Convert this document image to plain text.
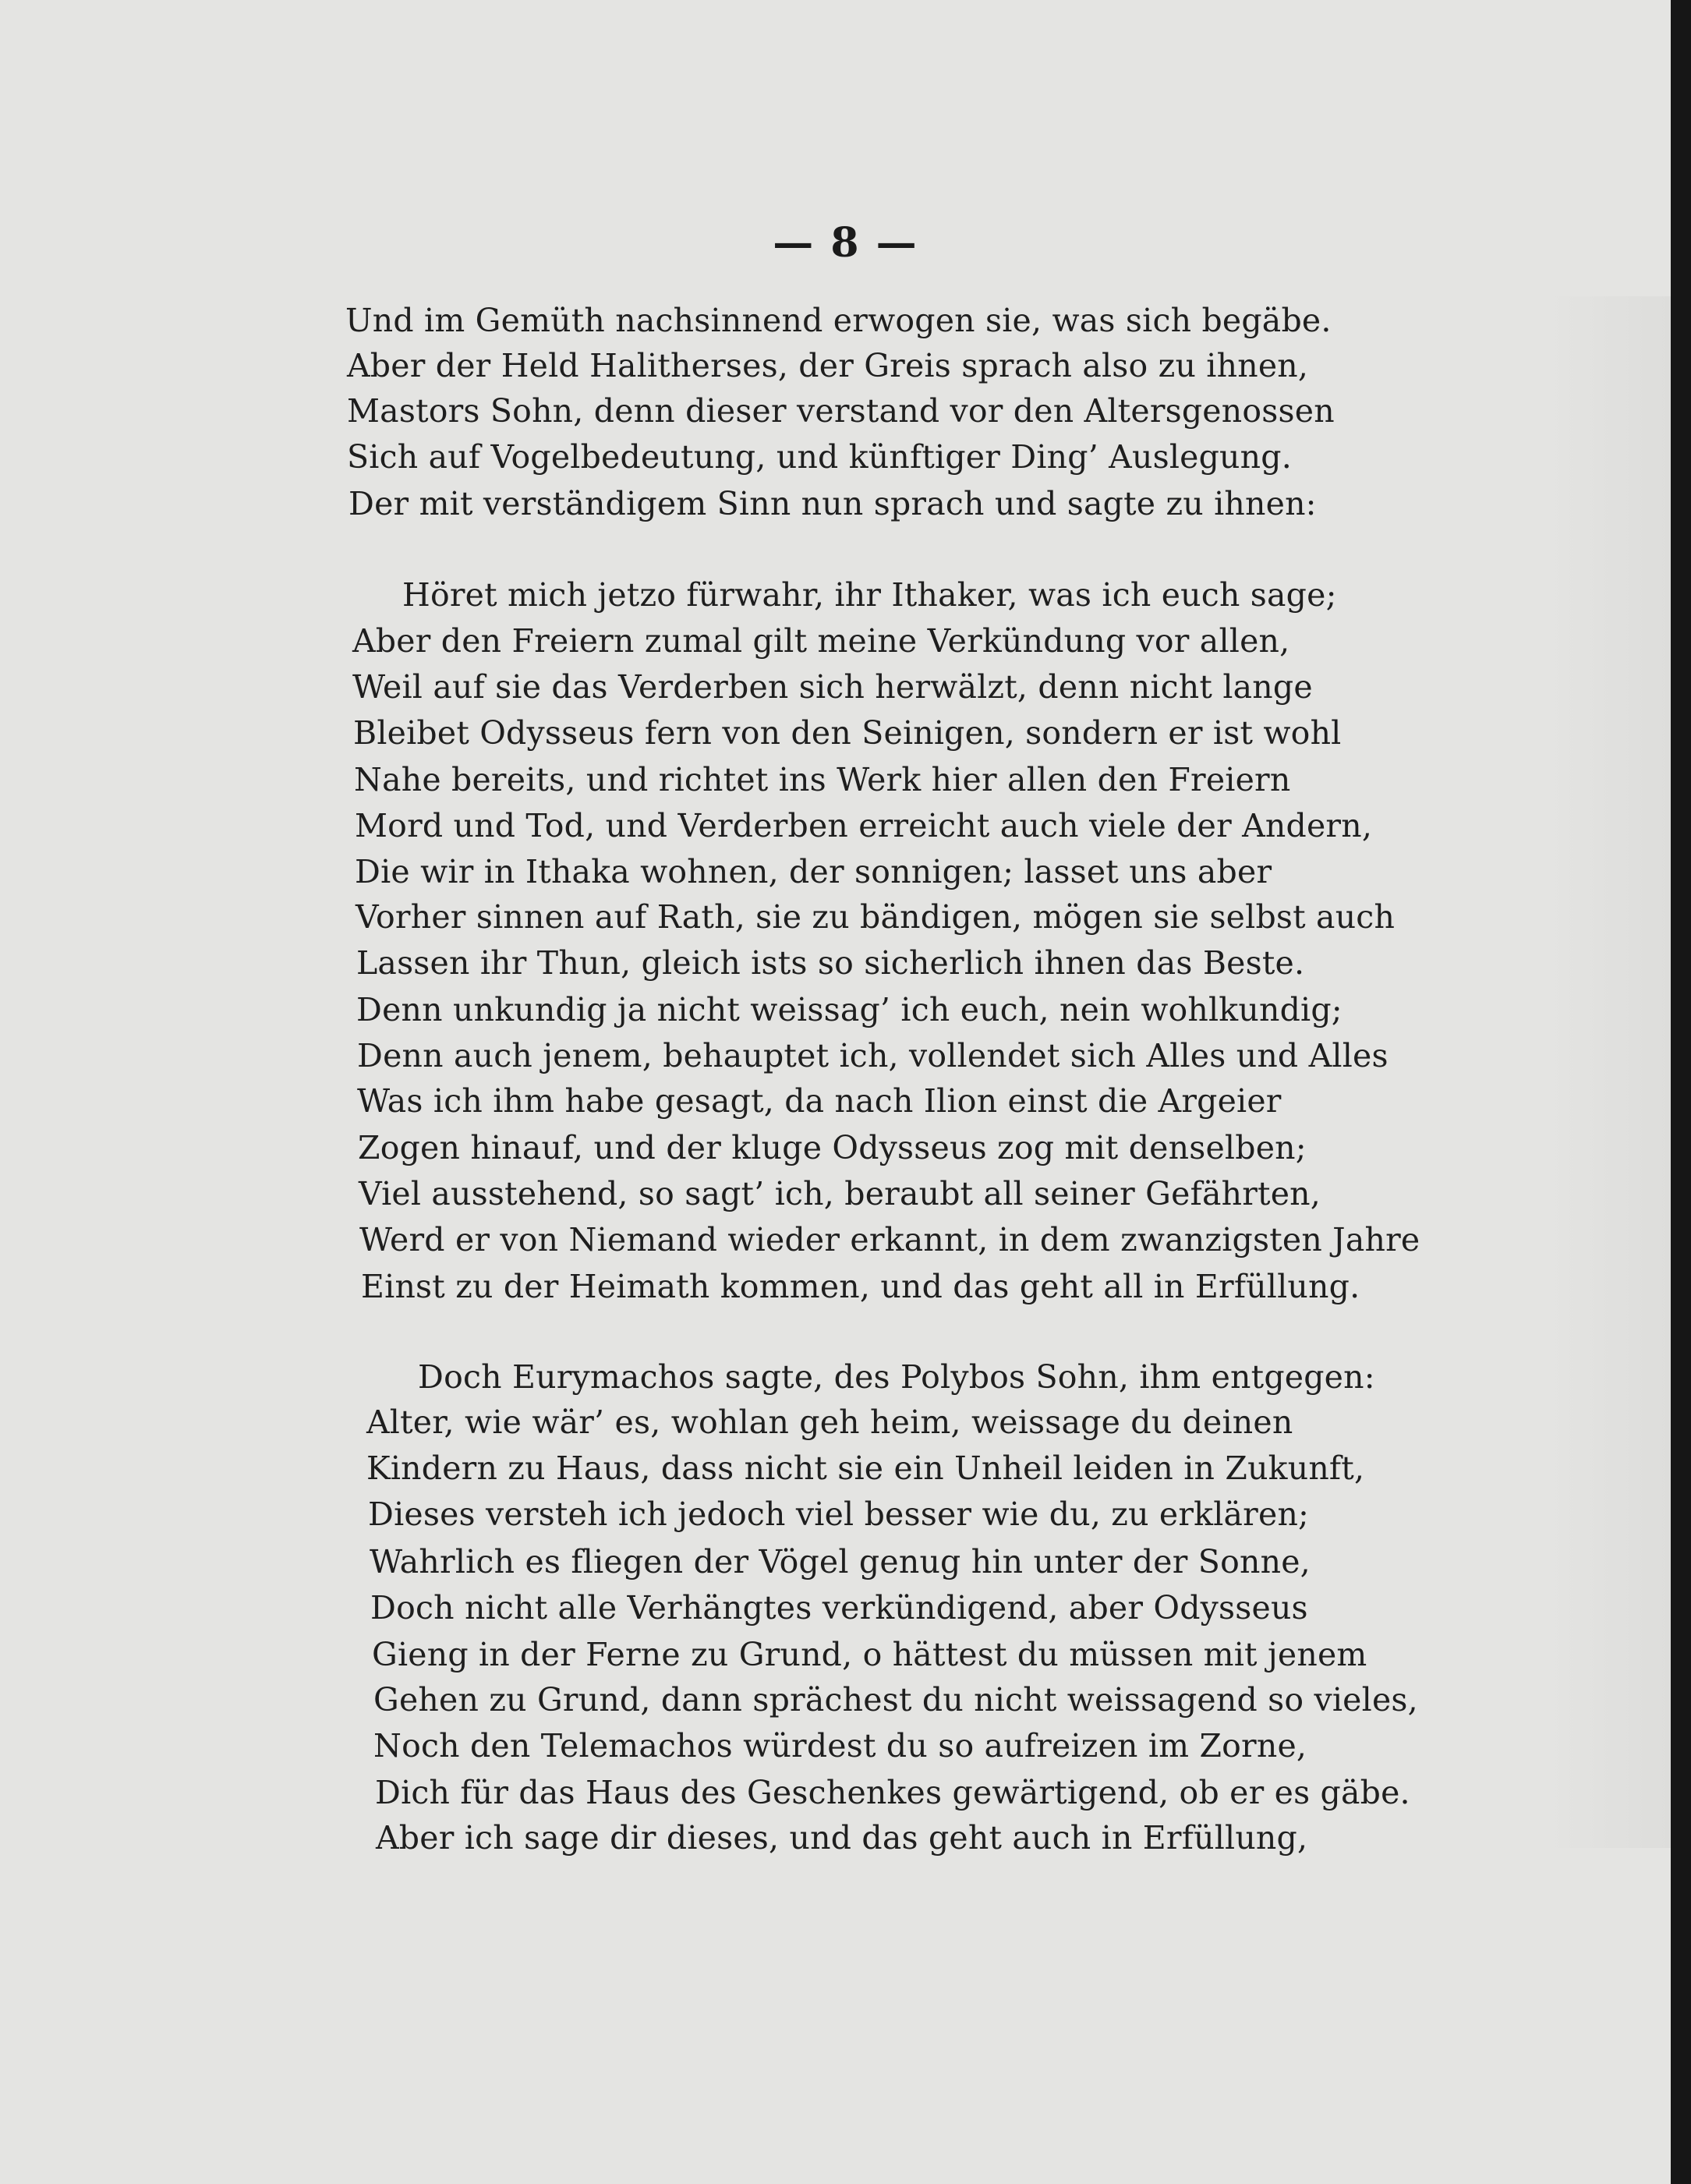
— 8 —
Und im Gemüth nachsinnend erwogen sie, was sich begäbe.
Aber der Held Halitherses, der Greis sprach also zu ihnen,
Mastors Sohn, denn dieser verstand vor den Altersgenossen
Sich auf Vogelbedeutung, und künftiger Ding’ Auslegung.
Der mit verständigem Sinn nun sprach und sagte zu ihnen:
Höret mich jetzo fürwahr, ihr Ithaker, was ich euch sage;
Aber den Freiern zumal gilt meine Verkündung vor allen,
Weil auf sie das Verderben sich herwälzt, denn nicht lange
Bleibet Odysseus fern von den Seinigen, sondern er ist wohl
Nahe bereits, und richtet ins Werk hier allen den Freiern
Mord und Tod, und Verderben erreicht auch viele der Andern,
Die wir in Ithaka wohnen, der sonnigen; lasset uns aber
Vorher sinnen auf Rath, sie zu bändigen, mögen sie selbst auch
Lassen ihr Thun, gleich ists so sicherlich ihnen das Beste.
Denn unkundig ja nicht weissag’ ich euch, nein wohlkundig;
Denn auch jenem, behauptet ich, vollendet sich Alles und Alles
Was ich ihm habe gesagt, da nach Ilion einst die Argeier
Zogen hinauf, und der kluge Odysseus zog mit denselben;
Viel ausstehend, so sagt’ ich, beraubt all seiner Gefährten,
Werd er von Niemand wieder erkannt, in dem zwanzigsten Jahre
Einst zu der Heimath kommen, und das geht all in Erfüllung.
Doch Eurymachos sagte, des Polybos Sohn, ihm entgegen:
Alter, wie wär’ es, wohlan geh heim, weissage du deinen
Kindern zu Haus, dass nicht sie ein Unheil leiden in Zukunft,
Dieses versteh ich jedoch viel besser wie du, zu erklären;
Wahrlich es fliegen der Vögel genug hin unter der Sonne,
Doch nicht alle Verhängtes verkündigend, aber Odysseus
Gieng in der Ferne zu Grund, o hättest du müssen mit jenem
Gehen zu Grund, dann sprächest du nicht weissagend so vieles,
Noch den Telemachos würdest du so aufreizen im Zorne,
Dich für das Haus des Geschenkes gewärtigend, ob er es gäbe.
Aber ich sage dir dieses, und das geht auch in Erfüllung,
